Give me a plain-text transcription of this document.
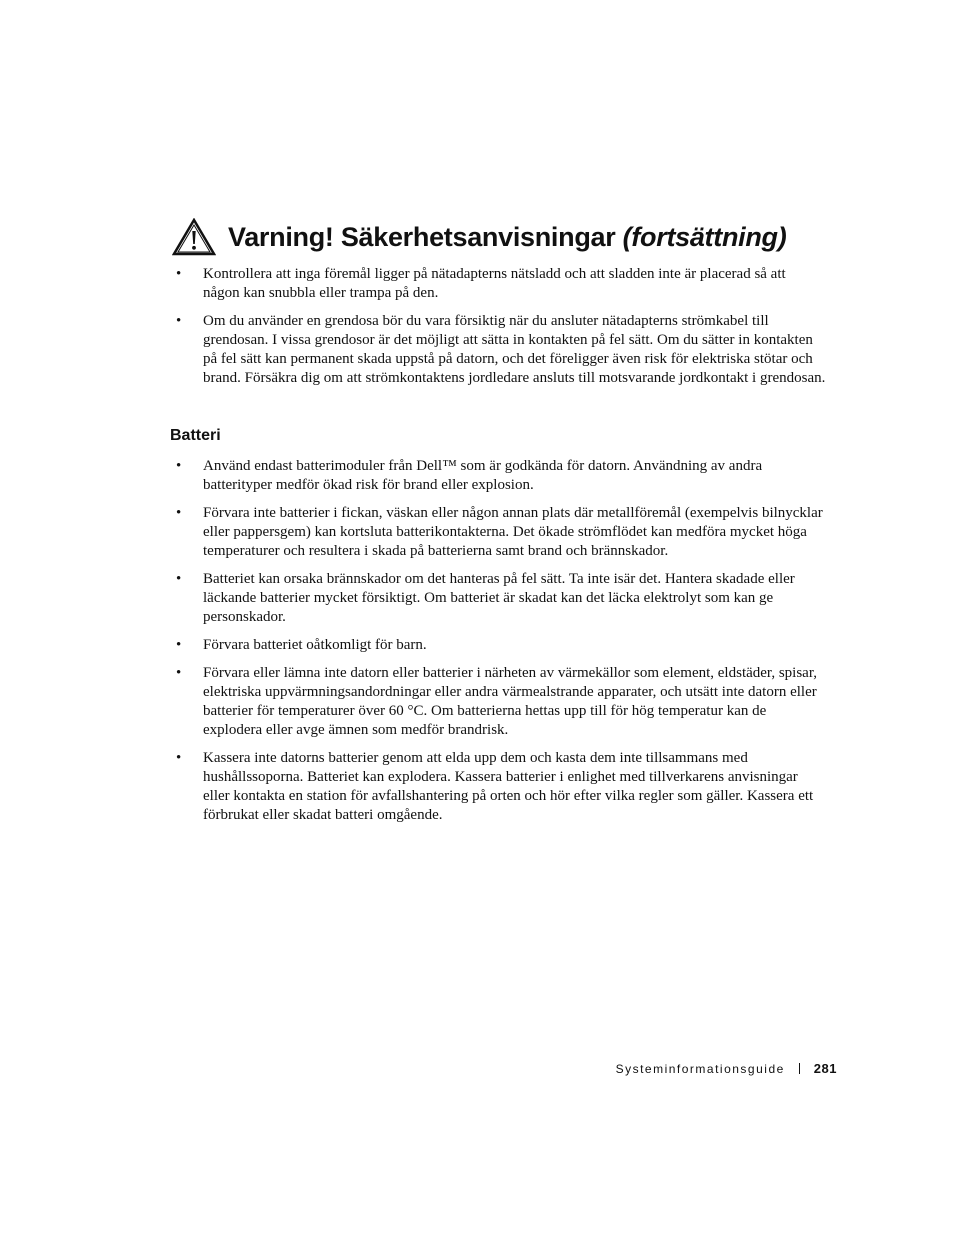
Varning! Säkerhetsanvisningar (fortsättning)
• Kontrollera att inga föremål ligger på nätadapterns nätsladd och att sladden inte är placerad så att någon kan snubbla eller trampa på den.
• Om du använder en grendosa bör du vara försiktig när du ansluter nätadapterns strömkabel till grendosan. I vissa grendosor är det möjligt att sätta in kontakten på fel sätt. Om du sätter in kontakten på fel sätt kan permanent skada uppstå på datorn, och det föreligger även risk för elektriska stötar och brand. Försäkra dig om att strömkontaktens jordledare ansluts till motsvarande jordkontakt i grendosan.
Batteri
• Använd endast batterimoduler från Dell™ som är godkända för datorn. Användning av andra batterityper medför ökad risk för brand eller explosion.
• Förvara inte batterier i fickan, väskan eller någon annan plats där metallföremål (exempelvis bilnycklar eller pappersgem) kan kortsluta batterikontakterna. Det ökade strömflödet kan medföra mycket höga temperaturer och resultera i skada på batterierna samt brand och brännskador.
• Batteriet kan orsaka brännskador om det hanteras på fel sätt. Ta inte isär det. Hantera skadade eller läckande batterier mycket försiktigt. Om batteriet är skadat kan det läcka elektrolyt som kan ge personskador.
• Förvara batteriet oåtkomligt för barn.
• Förvara eller lämna inte datorn eller batterier i närheten av värmekällor som element, eldstäder, spisar, elektriska uppvärmningsandordningar eller andra värmealstrande apparater, och utsätt inte datorn eller batterier för temperaturer över 60 °C. Om batterierna hettas upp till för hög temperatur kan de explodera eller avge ämnen som medför brandrisk.
• Kassera inte datorns batterier genom att elda upp dem och kasta dem inte tillsammans med hushållssoporna. Batteriet kan explodera. Kassera batterier i enlighet med tillverkarens anvisningar eller kontakta en station för avfallshantering på orten och hör efter vilka regler som gäller. Kassera ett förbrukat eller skadat batteri omgående.
Systeminformationsguide 281
